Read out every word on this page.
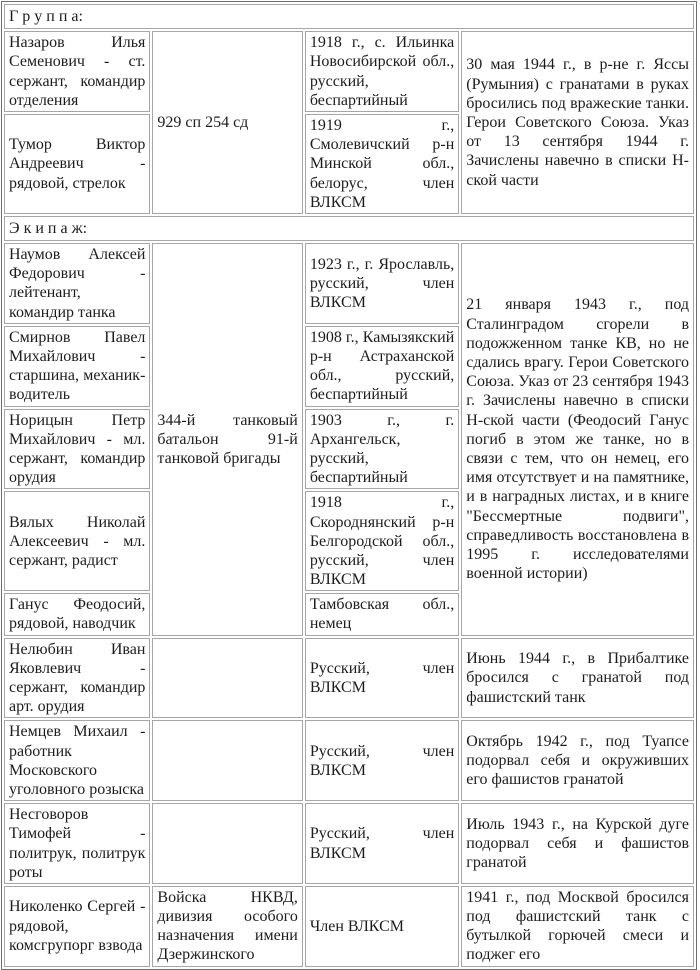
Г р у п п а:			
Назаров Илья Семенович - ст. сержант, командир отделения	929 сп 254 сд	1918 г., с. Ильинка Новосибирской обл., русский, беспартийный	30 мая 1944 г., в р-не г. Яссы (Румыния) с гранатами в руках бросились под вражеские танки. Герои Советского Союза. Указ от 13 сентября 1944 г. Зачислены навечно в списки Н-ской части
Тумор Виктор Андреевич - рядовой, стрелок		1919 г., Смолевичский р-н Минской обл., белорус, член ВЛКСМ	
Э к и п а ж:			
Наумов Алексей Федорович - лейтенант, командир танка	344-й танковый батальон 91-й танковой бригады	1923 г., г. Ярославль, русский, член ВЛКСМ	21 января 1943 г., под Сталинградом сгорели в подожженном танке КВ, но не сдались врагу. Герои Советского Союза. Указ от 23 сентября 1943 г. Зачислены навечно в списки Н-ской части (Феодосий Ганус погиб в этом же танке, но в связи с тем, что он немец, его имя отсутствует и на памятнике, и в наградных листах, и в книге "Бессмертные подвиги", справедливость восстановлена в 1995 г. исследователями военной истории)
Смирнов Павел Михайлович - старшина, механик-водитель		1908 г., Камызякский р-н Астраханской обл., русский, беспартийный	
Норицын Петр Михайлович - мл. сержант, командир орудия		1903 г., г. Архангельск, русский, беспартийный	
Вялых Николай Алексеевич - мл. сержант, радист		1918 г., Скороднянский р-н Белгородской обл., русский, член ВЛКСМ	
Ганус Феодосий, рядовой, наводчик		Тамбовская обл., немец	
Нелюбин Иван Яковлевич - сержант, командир арт. орудия		Русский, член ВЛКСМ	Июнь 1944 г., в Прибалтике бросился с гранатой под фашистский танк
Немцев Михаил - работник Московского уголовного розыска		Русский, член ВЛКСМ	Октябрь 1942 г., под Туапсе подорвал себя и окруживших его фашистов гранатой
Несговоров Тимофей - политрук, политрук роты		Русский, член ВЛКСМ	Июль 1943 г., на Курской дуге подорвал себя и фашистов гранатой
Николенко Сергей - рядовой, комсгрупорг взвода	Войска НКВД, дивизия особого назначения имени Дзержинского	Член ВЛКСМ	1941 г., под Москвой бросился под фашистский танк с бутылкой горючей смеси и поджег его
